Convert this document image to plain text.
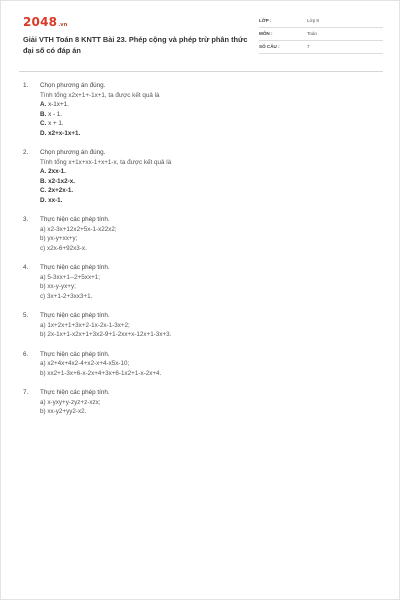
2048.vn
Giải VTH Toán 8 KNTT Bài 23. Phép cộng và phép trừ phân thức đại số có đáp án
LỚP :	Lớp 8
MÔN :	Toán
SỐ CÂU :	7
1.	Chọn phương án đúng.
Tính tổng x2x+1+-1x+1, ta được kết quả là
A. x-1x+1.
B. x - 1.
C. x + 1.
D. x2+x-1x+1.
2.	Chọn phương án đúng.
Tính tổng x+1x+xx-1+x+1-x, ta được kết quả là
A. 2xx-1.
B. x2-1x2-x.
C. 2x+2x-1.
D. xx-1.
3.	Thực hiện các phép tính.
a) x2-3x+12x2+5x-1-x22x2;
b) yx-y+xx+y;
c) x2x-6+92x3-x.
4.	Thực hiện các phép tính.
a) 5-3xx+1--2+5xx+1;
b) xx-y-yx+y;
c) 3x+1-2+3xx3+1.
5.	Thực hiện các phép tính.
a) 1x+2x+1+3x+2-1x-2x-1-3x+2;
b) 2x-1x+1-x2x+1+3x2-9+1-2xx+x-12x+1-3x+3.
6.	Thực hiện các phép tính.
a) x2+4x+4x2-4+x2-x+4-x5x-10;
b) xx2+1-3x+6-x-2x+4+3x+6-1x2+1-x-2x+4.
7.	Thực hiện các phép tính.
a) x-yxy+y-zyz+z-xzx;
b) xx-y2+yy2-x2.
